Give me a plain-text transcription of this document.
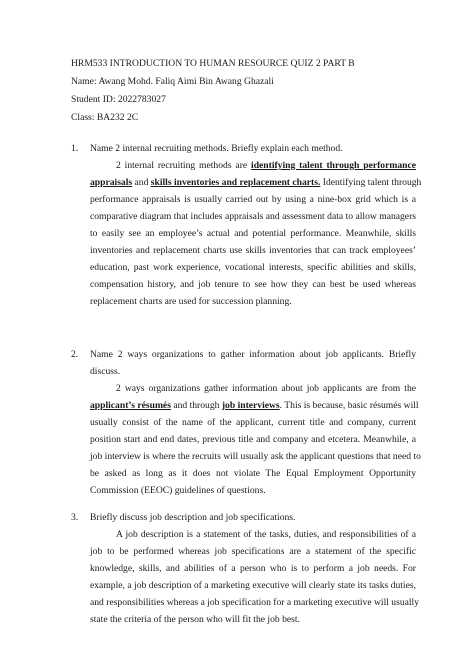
HRM533 INTRODUCTION TO HUMAN RESOURCE QUIZ 2 PART B
Name: Awang Mohd. Faliq Aimi Bin Awang Ghazali
Student ID: 2022783027
Class: BA232 2C
1. Name 2 internal recruiting methods. Briefly explain each method.
2 internal recruiting methods are identifying talent through performance
appraisals and skills inventories and replacement charts. Identifying talent through
performance appraisals is usually carried out by using a nine-box grid which is a
comparative diagram that includes appraisals and assessment data to allow managers
to easily see an employee’s actual and potential performance. Meanwhile, skills
inventories and replacement charts use skills inventories that can track employees’
education, past work experience, vocational interests, specific abilities and skills,
compensation history, and job tenure to see how they can best be used whereas
replacement charts are used for succession planning.
2. Name 2 ways organizations to gather information about job applicants. Briefly
discuss.
2 ways organizations gather information about job applicants are from the
applicant’s résumés and through job interviews. This is because, basic résumés will
usually consist of the name of the applicant, current title and company, current
position start and end dates, previous title and company and etcetera. Meanwhile, a
job interview is where the recruits will usually ask the applicant questions that need to
be asked as long as it does not violate The Equal Employment Opportunity
Commission (EEOC) guidelines of questions.
3. Briefly discuss job description and job specifications.
A job description is a statement of the tasks, duties, and responsibilities of a
job to be performed whereas job specifications are a statement of the specific
knowledge, skills, and abilities of a person who is to perform a job needs. For
example, a job description of a marketing executive will clearly state its tasks duties,
and responsibilities whereas a job specification for a marketing executive will usually
state the criteria of the person who will fit the job best.
